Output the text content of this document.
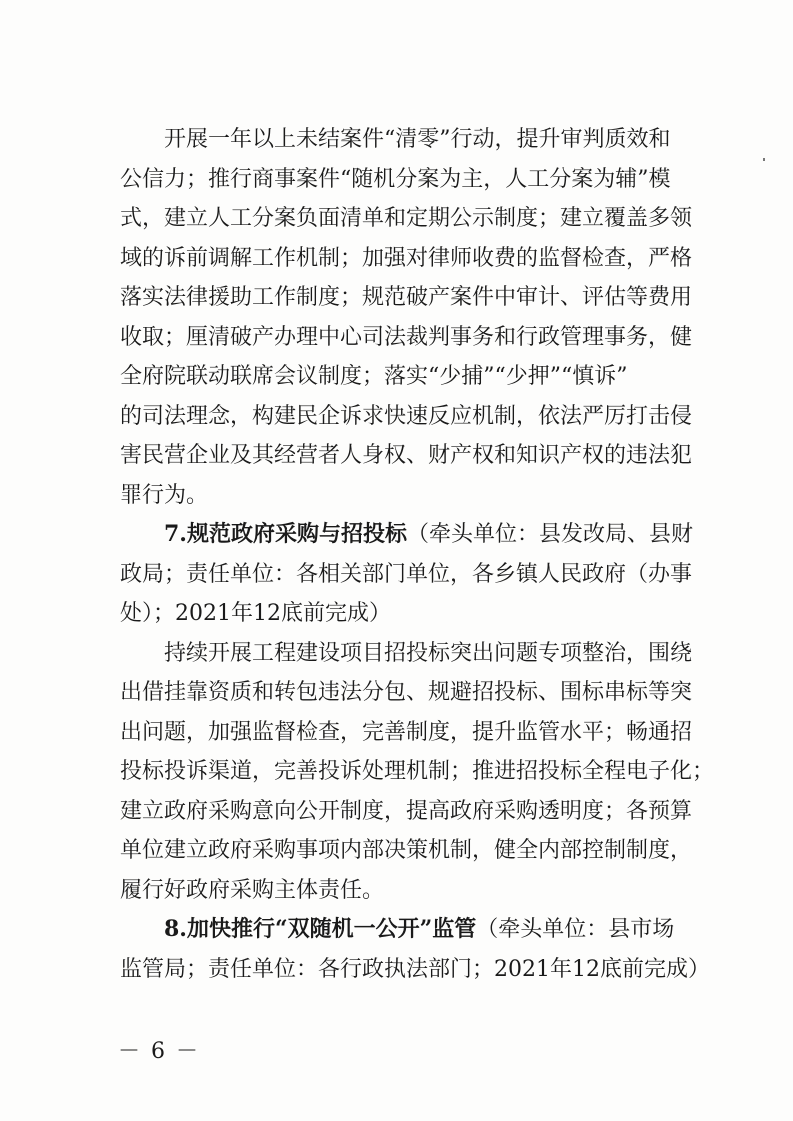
开展一年以上未结案件“清零”行动，提升审判质效和
公信力；推行商事案件“随机分案为主，人工分案为辅”模
式，建立人工分案负面清单和定期公示制度；建立覆盖多领
域的诉前调解工作机制；加强对律师收费的监督检查，严格
落实法律援助工作制度；规范破产案件中审计、评估等费用
收取；厘清破产办理中心司法裁判事务和行政管理事务，健
全府院联动联席会议制度；落实“少捕”“少押”“慎诉”
的司法理念，构建民企诉求快速反应机制，依法严厉打击侵
害民营企业及其经营者人身权、财产权和知识产权的违法犯
罪行为。
7.规范政府采购与招投标（牵头单位：县发改局、县财
政局；责任单位：各相关部门单位，各乡镇人民政府（办事
处）；2021年12底前完成）
持续开展工程建设项目招投标突出问题专项整治，围绕
出借挂靠资质和转包违法分包、规避招投标、围标串标等突
出问题，加强监督检查，完善制度，提升监管水平；畅通招
投标投诉渠道，完善投诉处理机制；推进招投标全程电子化；
建立政府采购意向公开制度，提高政府采购透明度；各预算
单位建立政府采购事项内部决策机制，健全内部控制制度，
履行好政府采购主体责任。
8.加快推行“双随机一公开”监管（牵头单位：县市场
监管局；责任单位：各行政执法部门；2021年12底前完成）
－ 6 －
